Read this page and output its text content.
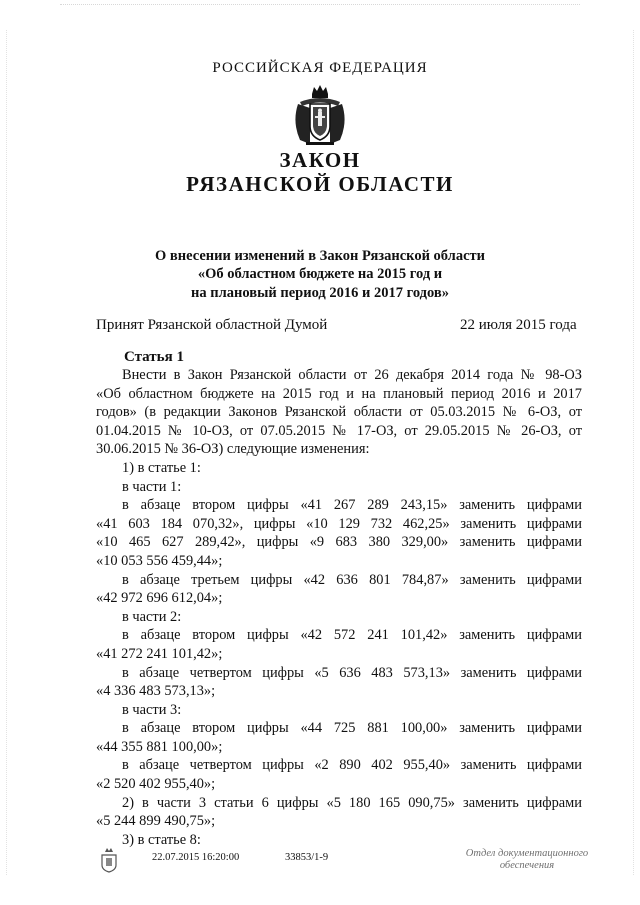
РОССИЙСКАЯ ФЕДЕРАЦИЯ
ЗАКОН
РЯЗАНСКОЙ ОБЛАСТИ
О внесении изменений в Закон Рязанской области
«Об областном бюджете на 2015 год и
на плановый период 2016 и 2017 годов»
Принят Рязанской областной Думой	22 июля 2015 года
Статья 1
Внести в Закон Рязанской области от 26 декабря 2014 года № 98-ОЗ
«Об областном бюджете на 2015 год и на плановый период 2016 и 2017
годов» (в редакции Законов Рязанской области от 05.03.2015 № 6-ОЗ, от
01.04.2015 № 10-ОЗ, от 07.05.2015 № 17-ОЗ, от 29.05.2015 № 26-ОЗ, от
30.06.2015 № 36-ОЗ) следующие изменения:
1) в статье 1:
в части 1:
в абзаце втором цифры «41 267 289 243,15» заменить цифрами
«41 603 184 070,32», цифры «10 129 732 462,25» заменить цифрами
«10 465 627 289,42», цифры «9 683 380 329,00» заменить цифрами
«10 053 556 459,44»;
в абзаце третьем цифры «42 636 801 784,87» заменить цифрами
«42 972 696 612,04»;
в части 2:
в абзаце втором цифры «42 572 241 101,42» заменить цифрами
«41 272 241 101,42»;
в абзаце четвертом цифры «5 636 483 573,13» заменить цифрами
«4 336 483 573,13»;
в части 3:
в абзаце втором цифры «44 725 881 100,00» заменить цифрами
«44 355 881 100,00»;
в абзаце четвертом цифры «2 890 402 955,40» заменить цифрами
«2 520 402 955,40»;
2) в части 3 статьи 6 цифры «5 180 165 090,75» заменить цифрами
«5 244 899 490,75»;
3) в статье 8:
22.07.2015 16:20:00	33853/1-9	Отдел документационного
обеспечения
